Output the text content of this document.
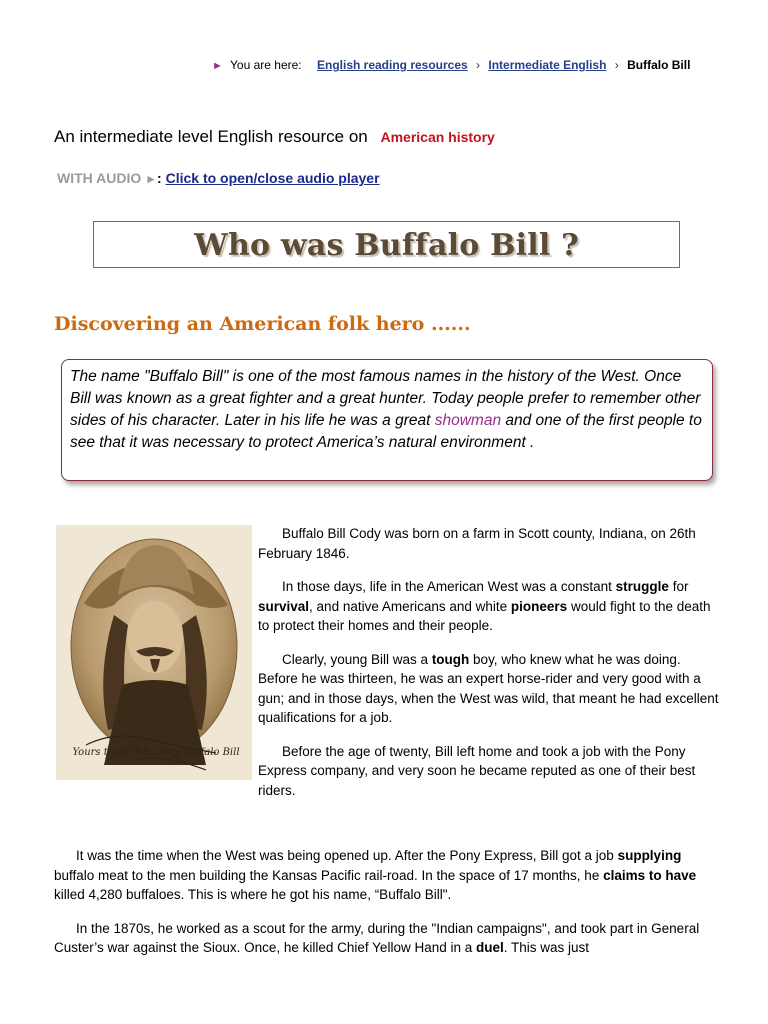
► You are here: English reading resources › Intermediate English › Buffalo Bill
An intermediate level English resource on American history
WITH AUDIO ►: Click to open/close audio player
Who was Buffalo Bill ?
Discovering an American folk hero ......
The name "Buffalo Bill" is one of the most famous names in the history of the West. Once Bill was known as a great fighter and a great hunter. Today people prefer to remember other sides of his character. Later in his life he was a great showman and one of the first people to see that it was necessary to protect America’s natural environment .
Yours truly W.F. Cody Buffalo Bill

Buffalo Bill Cody was born on a farm in Scott county, Indiana, on 26th February 1846.

In those days, life in the American West was a constant struggle for survival, and native Americans and white pioneers would fight to the death to protect their homes and their people.

Clearly, young Bill was a tough boy, who knew what he was doing. Before he was thirteen, he was an expert horse-rider and very good with a gun; and in those days, when the West was wild, that meant he had excellent qualifications for a job.

Before the age of twenty, Bill left home and took a job with the Pony Express company, and very soon he became reputed as one of their best riders.

It was the time when the West was being opened up. After the Pony Express, Bill got a job supplying buffalo meat to the men building the Kansas Pacific rail-road. In the space of 17 months, he claims to have killed 4,280 buffaloes. This is where he got his name, “Buffalo Bill".

In the 1870s, he worked as a scout for the army, during the "Indian campaigns", and took part in General Custer’s war against the Sioux. Once, he killed Chief Yellow Hand in a duel. This was just
